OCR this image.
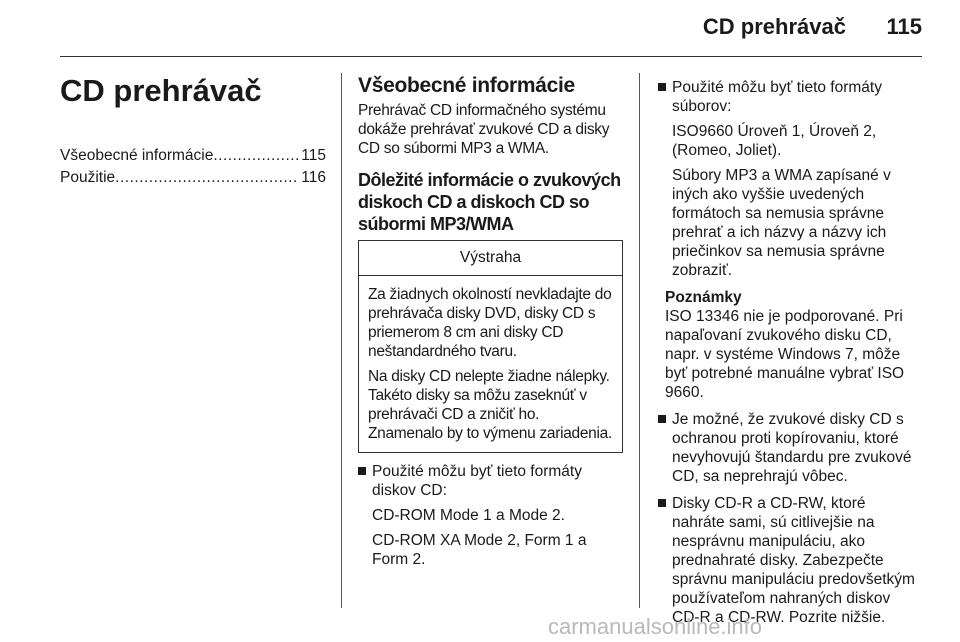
CD prehrávač	115
CD prehrávač
Všeobecné informácie .....	115
Použitie .....	116
Všeobecné informácie

Prehrávač CD informačného systému dokáže prehrávať zvukové CD a disky CD so súbormi MP3 a WMA.

Dôležité informácie o zvukových diskoch CD a diskoch CD so súbormi MP3/WMA
Výstraha

Za žiadnych okolností nevkladajte do prehrávača disky DVD, disky CD s priemerom 8 cm ani disky CD neštandardného tvaru.

Na disky CD nelepte žiadne nálepky. Takéto disky sa môžu zaseknúť v prehrávači CD a zničiť ho. Znamenalo by to výmenu zariadenia.

Použité môžu byť tieto formáty diskov CD:

CD-ROM Mode 1 a Mode 2.

CD-ROM XA Mode 2, Form 1 a Form 2.

Použité môžu byť tieto formáty súborov:

ISO9660 Úroveň 1, Úroveň 2, (Romeo, Joliet).

Súbory MP3 a WMA zapísané v iných ako vyššie uvedených formátoch sa nemusia správne prehrať a ich názvy a názvy ich priečinkov sa nemusia správne zobraziť.

Poznámky

ISO 13346 nie je podporované. Pri napaľovaní zvukového disku CD, napr. v systéme Windows 7, môže byť potrebné manuálne vybrať ISO 9660.

Je možné, že zvukové disky CD s ochranou proti kopírovaniu, ktoré nevyhovujú štandardu pre zvukové CD, sa neprehrajú vôbec.

Disky CD-R a CD-RW, ktoré nahráte sami, sú citlivejšie na nesprávnu manipuláciu, ako prednahraté disky. Zabezpečte správnu manipuláciu predovšetkým používateľom nahraných diskov CD-R a CD-RW. Pozrite nižšie.

carmanualsonline.info
